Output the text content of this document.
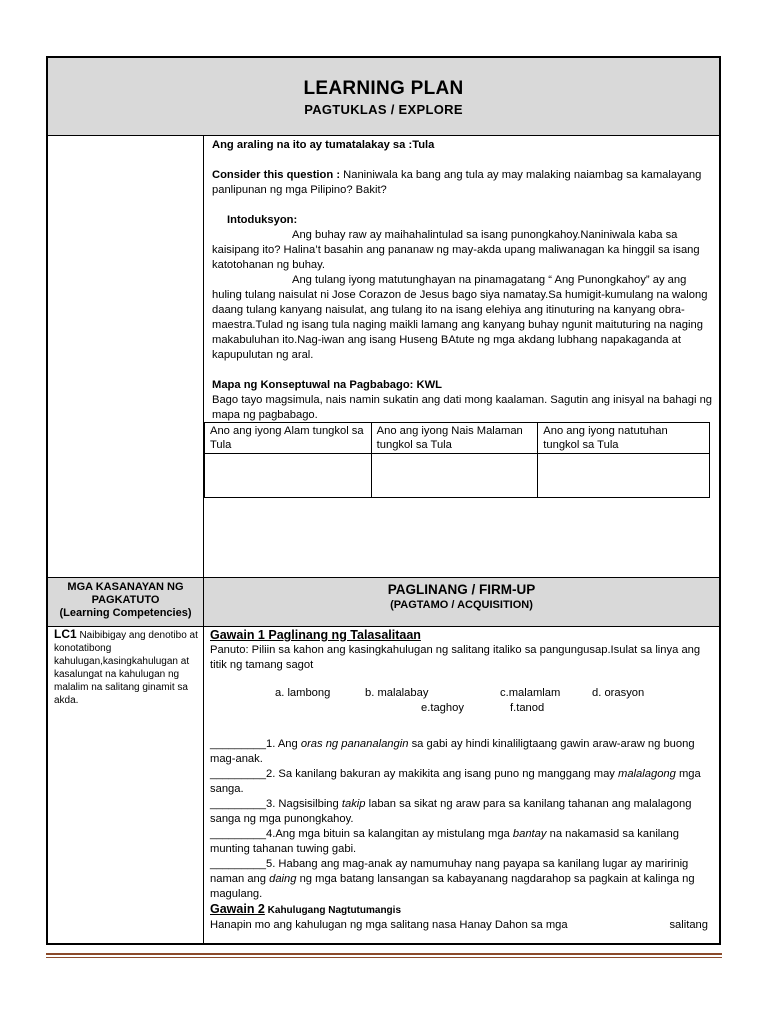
LEARNING PLAN
PAGTUKLAS / EXPLORE

Ang araling na ito ay tumatalakay sa :Tula

Consider this question : Naniniwala ka bang ang tula ay may malaking naiambag sa kamalayang panlipunan ng mga Pilipino? Bakit?

Intoduksyon:

Ang buhay raw ay maihahalintulad sa isang punongkahoy.Naniniwala kaba sa kaisipang ito? Halina’t basahin ang pananaw ng may-akda upang maliwanagan ka hinggil sa isang katotohanan ng buhay.

Ang tulang iyong matutunghayan na pinamagatang “ Ang Punongkahoy” ay ang huling tulang naisulat ni Jose Corazon de Jesus bago siya namatay.Sa humigit-kumulang na walong daang tulang kanyang naisulat, ang tulang ito na isang elehiya ang itinuturing na kanyang obra-maestra.Tulad ng isang tula naging maikli lamang ang kanyang buhay ngunit maituturing na naging makabuluhan ito.Nag-iwan ang isang Huseng BAtute ng mga akdang lubhang napakaganda at kapupulutan ng aral.

Mapa ng Konseptuwal na Pagbabago: KWL

Bago tayo magsimula, nais namin sukatin ang dati mong kaalaman. Sagutin ang inisyal na bahagi ng mapa ng pagbabago.

Ano ang iyong Alam tungkol sa Tula	Ano ang iyong Nais Malaman tungkol sa Tula	Ano ang iyong natutuhan tungkol sa Tula

MGA KASANAYAN NG PAGKATUTO
(Learning Competencies)
PAGLINANG / FIRM-UP
(PAGTAMO / ACQUISITION)
LC1 Naibibigay ang denotibo at konotatibong kahulugan,kasingkahulugan at kasalungat na kahulugan ng malalim na salitang ginamit sa akda.

Gawain 1 Paglinang ng Talasalitaan

Panuto: Piliin sa kahon ang kasingkahulugan ng salitang italiko sa pangungusap.Isulat sa linya ang titik ng tamang sagot

a. lambong	b. malalabay	c.malamlam	d. orasyon
e.taghoy	f.tanod

_________1. Ang oras ng pananalangin sa gabi ay hindi kinaliligtaang gawin araw-araw ng buong mag-anak.

_________2. Sa kanilang bakuran ay makikita ang isang puno ng manggang may malalagong mga sanga.

_________3. Nagsisilbing takip laban sa sikat ng araw para sa kanilang tahanan ang malalagong sanga ng mga punongkahoy.

_________4.Ang mga bituin sa kalangitan ay mistulang mga bantay na nakamasid sa kanilang munting tahanan tuwing gabi.

_________5. Habang ang mag-anak ay namumuhay nang payapa sa kanilang lugar ay maririnig naman ang daing ng mga batang lansangan sa kabayanang nagdarahop sa pagkain at kalinga ng magulang.

Gawain 2 Kahulugang Nagtutumangis

Hanapin mo ang kahulugan ng mga salitang nasa Hanay Dahon sa mga	salitang
